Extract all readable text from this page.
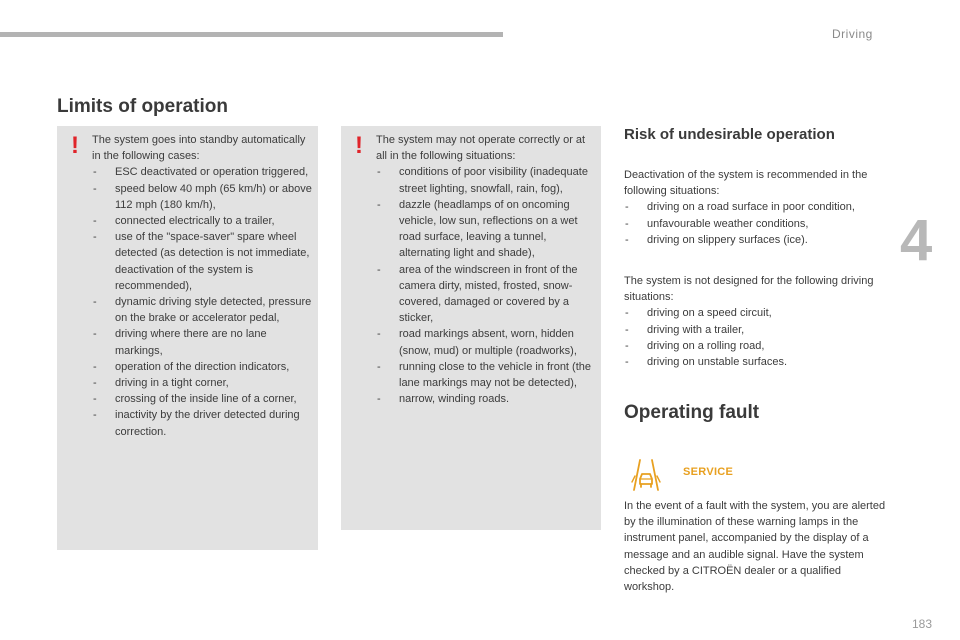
Driving
4
Limits of operation
! The system goes into standby automatically in the following cases:

- ESC deactivated or operation triggered,
- speed below 40 mph (65 km/h) or above 112 mph (180 km/h),
- connected electrically to a trailer,
- use of the "space-saver" spare wheel detected (as detection is not immediate, deactivation of the system is recommended),
- dynamic driving style detected, pressure on the brake or accelerator pedal,
- driving where there are no lane markings,
- operation of the direction indicators,
- driving in a tight corner,
- crossing of the inside line of a corner,
- inactivity by the driver detected during correction.
! The system may not operate correctly or at all in the following situations:

- conditions of poor visibility (inadequate street lighting, snowfall, rain, fog),
- dazzle (headlamps of on oncoming vehicle, low sun, reflections on a wet road surface, leaving a tunnel, alternating light and shade),
- area of the windscreen in front of the camera dirty, misted, frosted, snow-covered, damaged or covered by a sticker,
- road markings absent, worn, hidden (snow, mud) or multiple (roadworks),
- running close to the vehicle in front (the lane markings may not be detected),
- narrow, winding roads.
Risk of undesirable operation

Deactivation of the system is recommended in the following situations:

- driving on a road surface in poor condition,
- unfavourable weather conditions,
- driving on slippery surfaces (ice).

The system is not designed for the following driving situations:

- driving on a speed circuit,
- driving with a trailer,
- driving on a rolling road,
- driving on unstable surfaces.
Operating fault
SERVICE
In the event of a fault with the system, you are alerted by the illumination of these warning lamps in the instrument panel, accompanied by the display of a message and an audible signal. Have the system checked by a CITROËN dealer or a qualified workshop.
183
